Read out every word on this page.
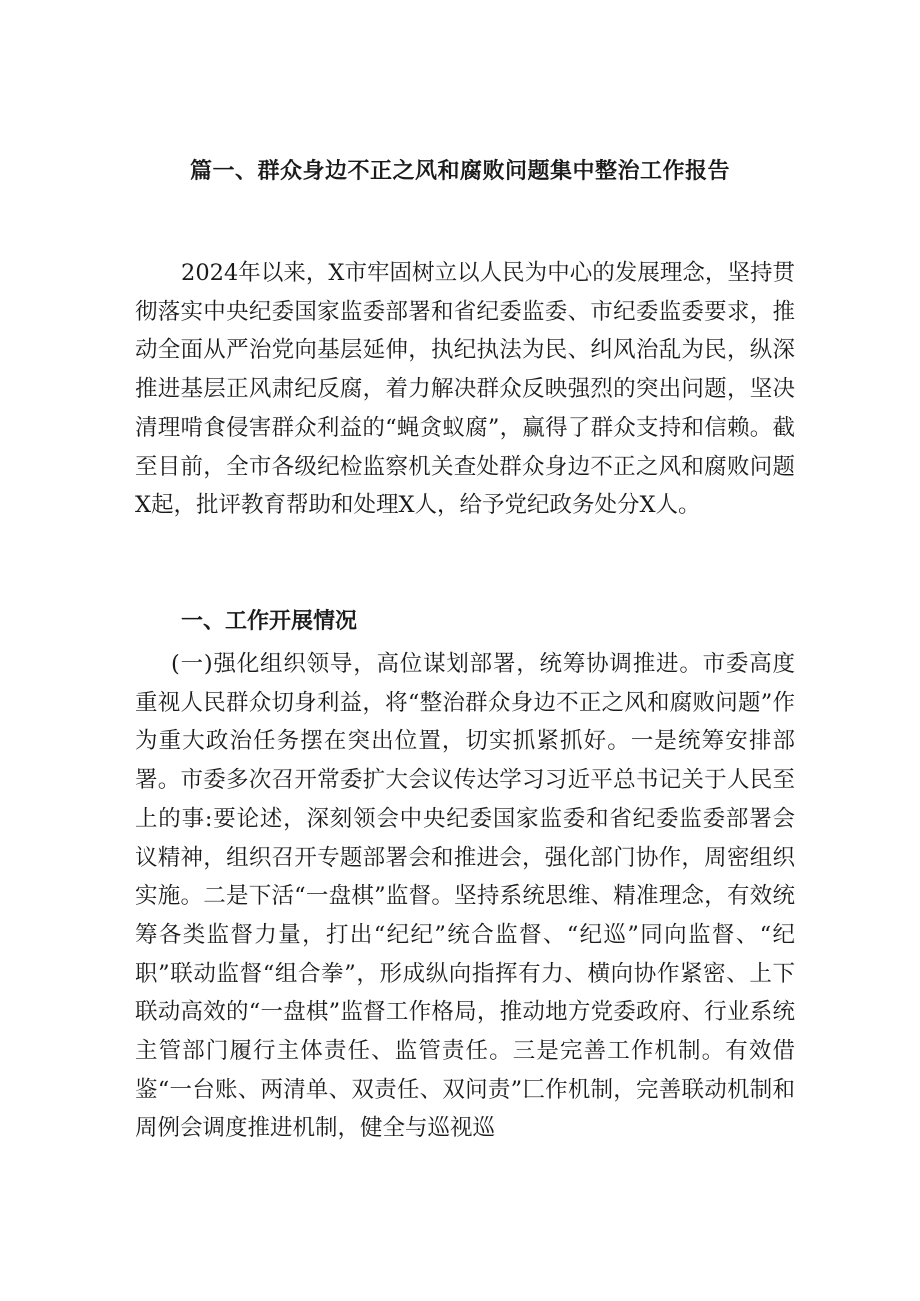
篇一、群众身边不正之风和腐败问题集中整治工作报告

2024年以来，X市牢固树立以人民为中心的发展理念，坚持贯彻落实中央纪委国家监委部署和省纪委监委、市纪委监委要求，推动全面从严治党向基层延伸，执纪执法为民、纠风治乱为民，纵深推进基层正风肃纪反腐，着力解决群众反映强烈的突出问题，坚决清理啃食侵害群众利益的“蝇贪蚁腐”，赢得了群众支持和信赖。截至目前，全市各级纪检监察机关查处群众身边不正之风和腐败问题X起，批评教育帮助和处理X人，给予党纪政务处分X人。

一、工作开展情况

(一)强化组织领导，高位谋划部署，统筹协调推进。市委高度重视人民群众切身利益，将“整治群众身边不正之风和腐败问题”作为重大政治任务摆在突出位置，切实抓紧抓好。一是统筹安排部署。市委多次召开常委扩大会议传达学习习近平总书记关于人民至上的事:要论述，深刻领会中央纪委国家监委和省纪委监委部署会议精神，组织召开专题部署会和推进会，强化部门协作，周密组织实施。二是下活“一盘棋”监督。坚持系统思维、精准理念，有效统筹各类监督力量，打出“纪纪”统合监督、“纪巡”同向监督、“纪职”联动监督“组合拳”，形成纵向指挥有力、横向协作紧密、上下联动高效的“一盘棋”监督工作格局，推动地方党委政府、行业系统主管部门履行主体责任、监管责任。三是完善工作机制。有效借鉴“一台账、两清单、双责任、双问责”匚作机制，完善联动机制和周例会调度推进机制，健全与巡视巡
